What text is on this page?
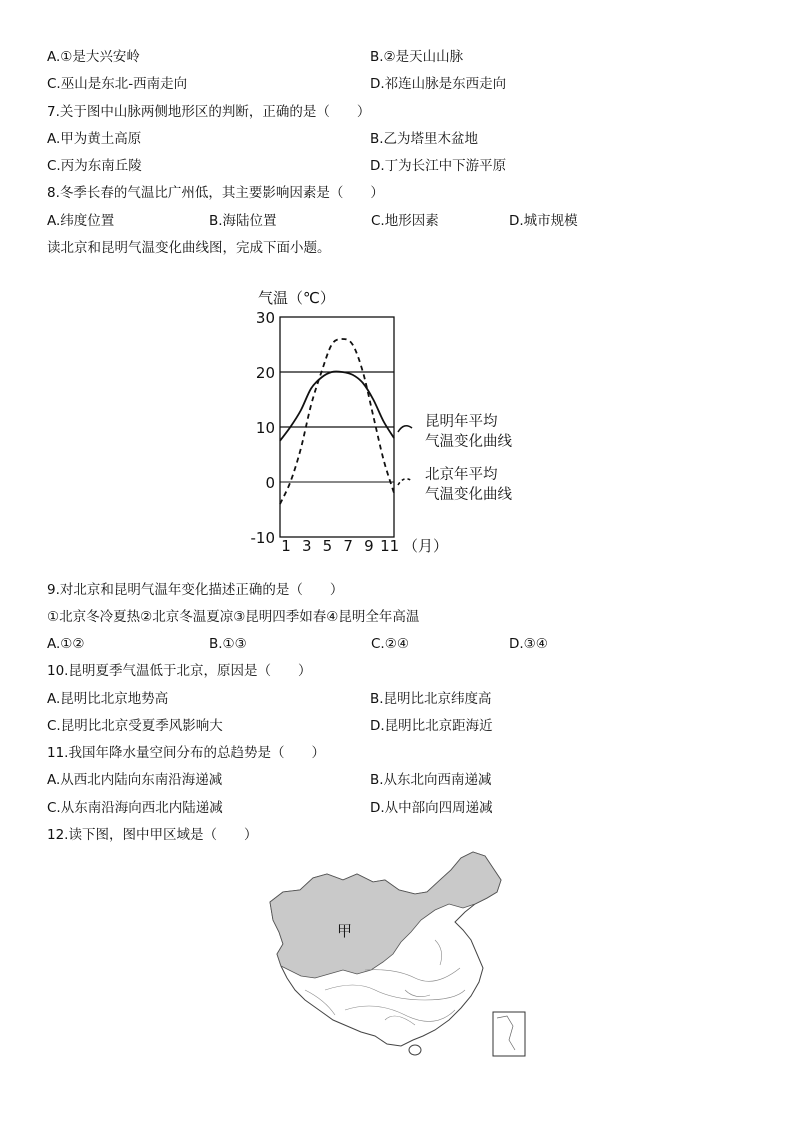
A.①是大兴安岭	B.②是天山山脉
C.巫山是东北-西南走向	D.祁连山脉是东西走向
7.关于图中山脉两侧地形区的判断，正确的是（　　）
A.甲为黄土高原	B.乙为塔里木盆地
C.丙为东南丘陵	D.丁为长江中下游平原
8.冬季长春的气温比广州低，其主要影响因素是（　　）
A.纬度位置	B.海陆位置	C.地形因素	D.城市规模
读北京和昆明气温变化曲线图，完成下面小题。
气温（℃）
30
20
10
0
-10 1 3 5 7 9 11 （月）
昆明年平均
气温变化曲线
北京年平均
气温变化曲线
9.对北京和昆明气温年变化描述正确的是（　　）
①北京冬冷夏热②北京冬温夏凉③昆明四季如春④昆明全年高温
A.①②	B.①③	C.②④	D.③④
10.昆明夏季气温低于北京，原因是（　　）
A.昆明比北京地势高	B.昆明比北京纬度高
C.昆明比北京受夏季风影响大	D.昆明比北京距海近
11.我国年降水量空间分布的总趋势是（　　）
A.从西北内陆向东南沿海递减	B.从东北向西南递减
C.从东南沿海向西北内陆递减	D.从中部向四周递减
12.读下图，图中甲区域是（　　）
甲
